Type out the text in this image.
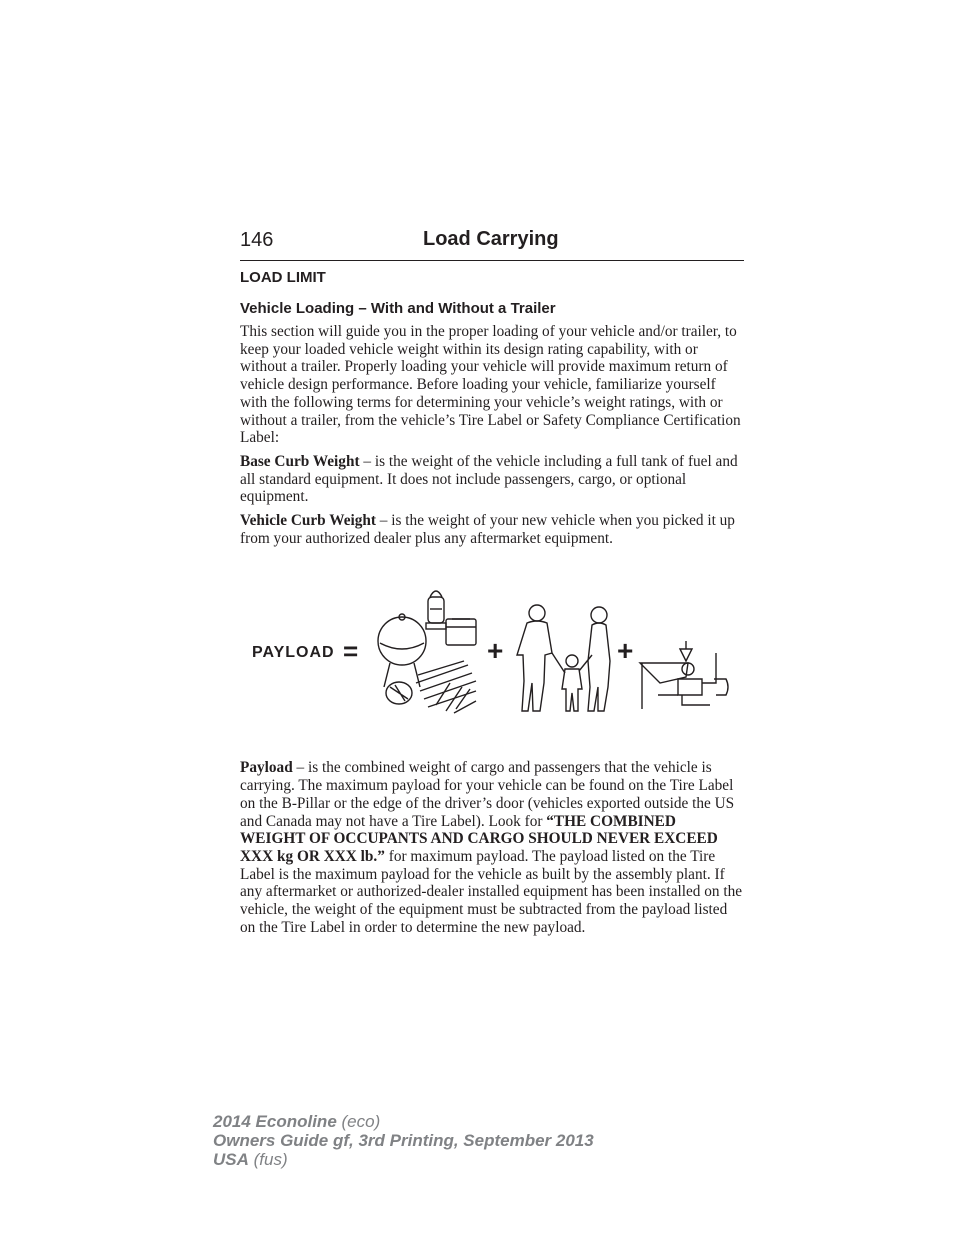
146	Load Carrying
LOAD LIMIT
Vehicle Loading – With and Without a Trailer

This section will guide you in the proper loading of your vehicle and/or trailer, to keep your loaded vehicle weight within its design rating capability, with or without a trailer. Properly loading your vehicle will provide maximum return of vehicle design performance. Before loading your vehicle, familiarize yourself with the following terms for determining your vehicle’s weight ratings, with or without a trailer, from the vehicle’s Tire Label or Safety Compliance Certification Label:

Base Curb Weight – is the weight of the vehicle including a full tank of fuel and all standard equipment. It does not include passengers, cargo, or optional equipment.

Vehicle Curb Weight – is the weight of your new vehicle when you picked it up from your authorized dealer plus any aftermarket equipment.

PAYLOAD =	+	+

Payload – is the combined weight of cargo and passengers that the vehicle is carrying. The maximum payload for your vehicle can be found on the Tire Label on the B-Pillar or the edge of the driver’s door (vehicles exported outside the US and Canada may not have a Tire Label). Look for “THE COMBINED WEIGHT OF OCCUPANTS AND CARGO SHOULD NEVER EXCEED XXX kg OR XXX lb.” for maximum payload. The payload listed on the Tire Label is the maximum payload for the vehicle as built by the assembly plant. If any aftermarket or authorized-dealer installed equipment has been installed on the vehicle, the weight of the equipment must be subtracted from the payload listed on the Tire Label in order to determine the new payload.

2014 Econoline (eco)
Owners Guide gf, 3rd Printing, September 2013
USA (fus)
